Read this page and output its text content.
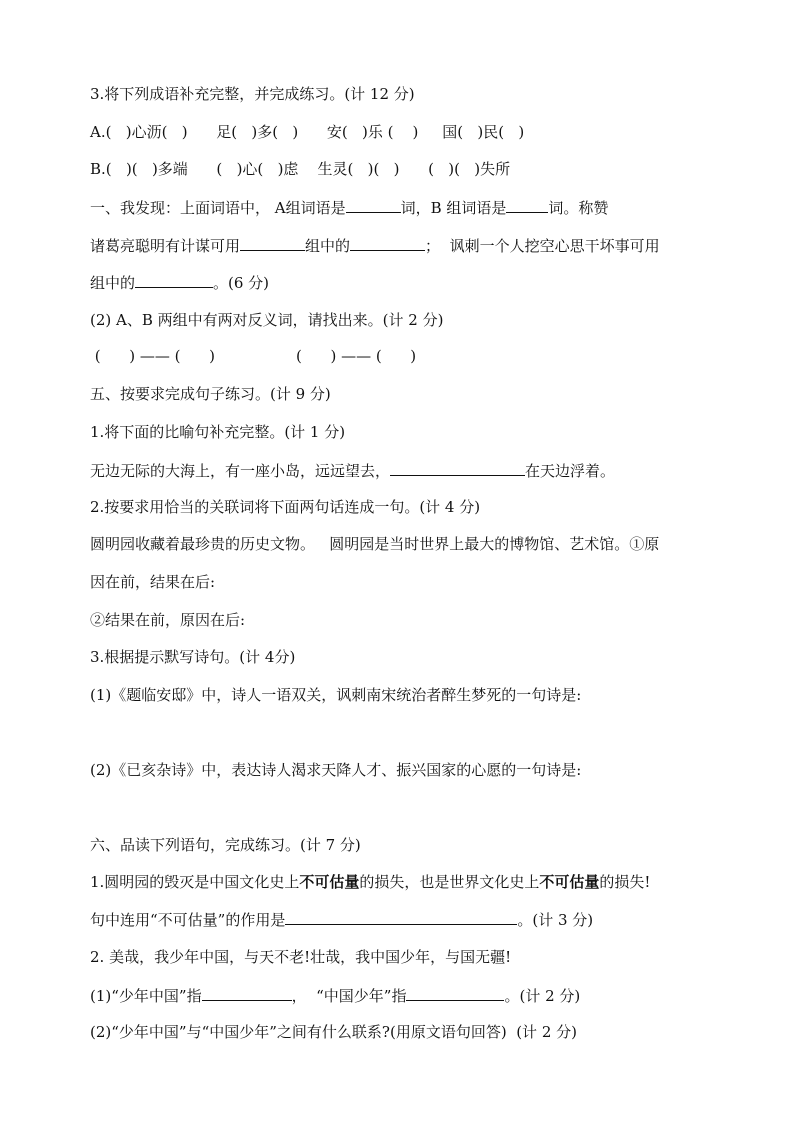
3.将下列成语补充完整，并完成练习。(计 12 分)
A.(   )心沥(   )      足(   )多(   )      安(   )乐 (    )     国(   )民(   )
B.(   )(   )多端      (   )心(   )虑    生灵(   )(   )      (   )(   )失所
一、我发现：上面词语中， A组词语是	词，B 组词语是	词。称赞
诸葛亮聪明有计谋可用	组中的	；  讽刺一个人挖空心思干坏事可用
组中的	。(6 分)
(2) A、B 两组中有两对反义词，请找出来。(计 2 分)
(      ) —— (      )                 (      ) —— (      )
五、按要求完成句子练习。(计 9 分)
1.将下面的比喻句补充完整。(计 1 分)
无边无际的大海上，有一座小岛，远远望去，	在天边浮着。
2.按要求用恰当的关联词将下面两句话连成一句。(计 4 分)
圆明园收藏着最珍贵的历史文物。   圆明园是当时世界上最大的博物馆、艺术馆。①原
因在前，结果在后:
②结果在前，原因在后:
3.根据提示默写诗句。(计 4分)
(1)《题临安邸》中，诗人一语双关，讽刺南宋统治者醉生梦死的一句诗是:
(2)《已亥杂诗》中，表达诗人渴求天降人才、振兴国家的心愿的一句诗是:
六、品读下列语句，完成练习。(计 7 分)
1.圆明园的毁灭是中国文化史上不可估量的损失，也是世界文化史上不可估量的损失!
句中连用“不可估量”的作用是	。(计 3 分)
2. 美哉，我少年中国，与天不老!壮哉，我中国少年，与国无疆!
(1)“少年中国”指	，  “中国少年”指	。(计 2 分)
(2)“少年中国”与“中国少年”之间有什么联系?(用原文语句回答)  (计 2 分)
